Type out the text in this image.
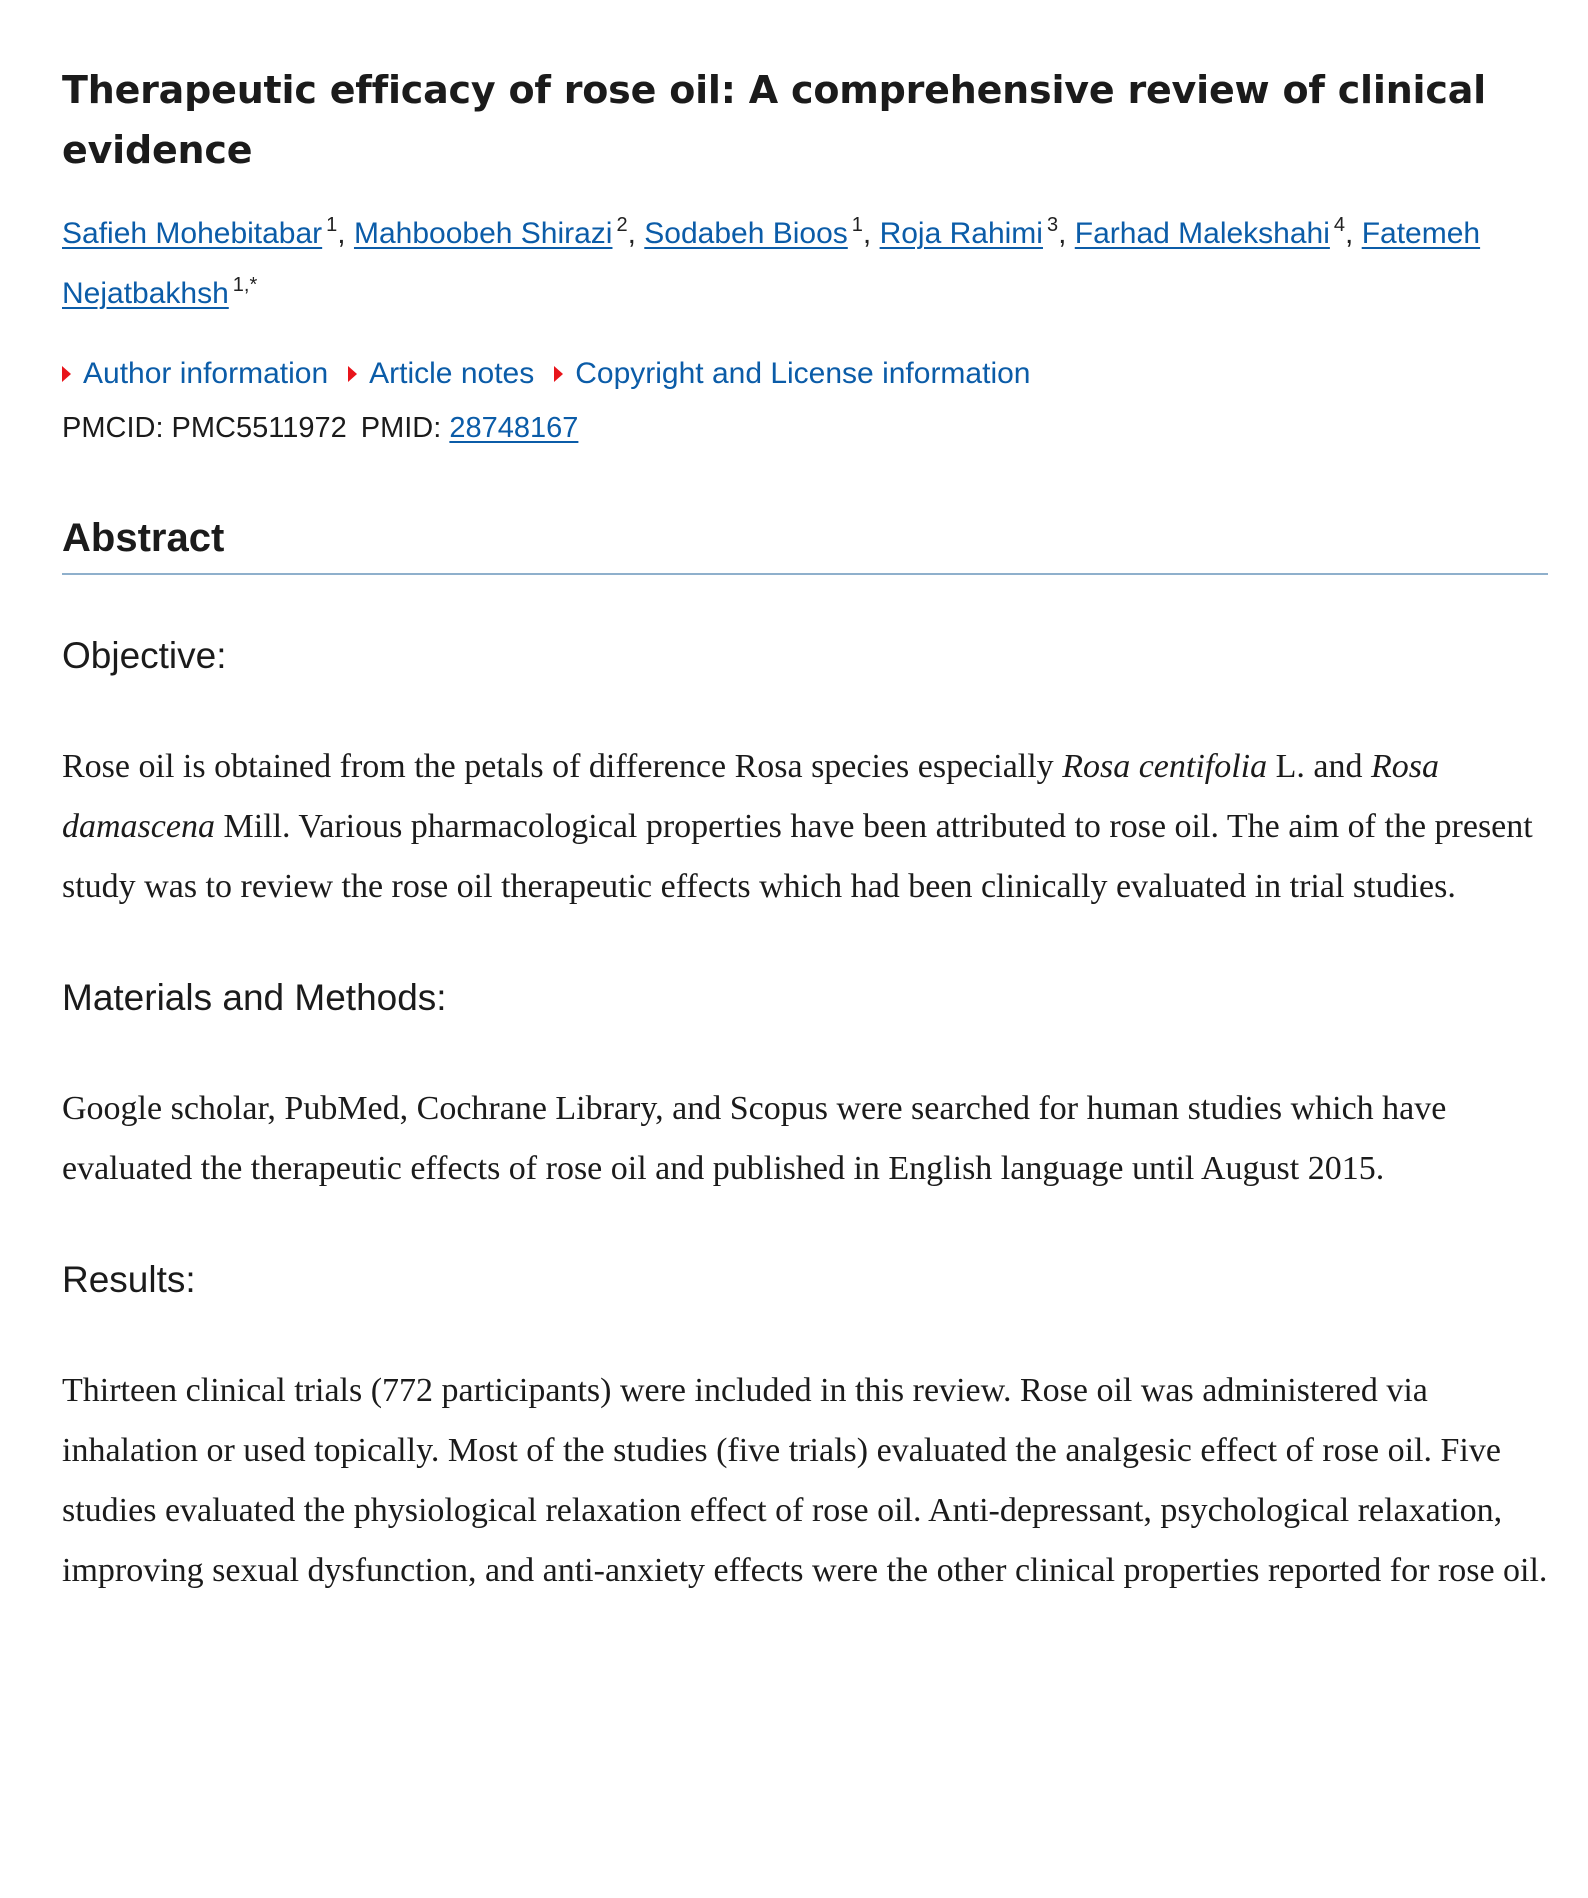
Therapeutic efficacy of rose oil: A comprehensive review of clinical evidence
Safieh Mohebitabar $^1$, Mahboobeh Shirazi $^2$, Sodabeh Bioos $^1$, Roja Rahimi $^3$, Farhad Malekshahi $^4$, Fatemeh Nejatbakhsh $^{1,*}$
Author information Article notes Copyright and License information
PMCID: PMC5511972 PMID: 28748167
Abstract
Objective:

Rose oil is obtained from the petals of difference Rosa species especially Rosa centifolia L. and Rosa damascena Mill. Various pharmacological properties have been attributed to rose oil. The aim of the present study was to review the rose oil therapeutic effects which had been clinically evaluated in trial studies.

Materials and Methods:

Google scholar, PubMed, Cochrane Library, and Scopus were searched for human studies which have evaluated the therapeutic effects of rose oil and published in English language until August 2015.

Results:

Thirteen clinical trials (772 participants) were included in this review. Rose oil was administered via inhalation or used topically. Most of the studies (five trials) evaluated the analgesic effect of rose oil. Five studies evaluated the physiological relaxation effect of rose oil. Anti-depressant, psychological relaxation, improving sexual dysfunction, and anti-anxiety effects were the other clinical properties reported for rose oil.
